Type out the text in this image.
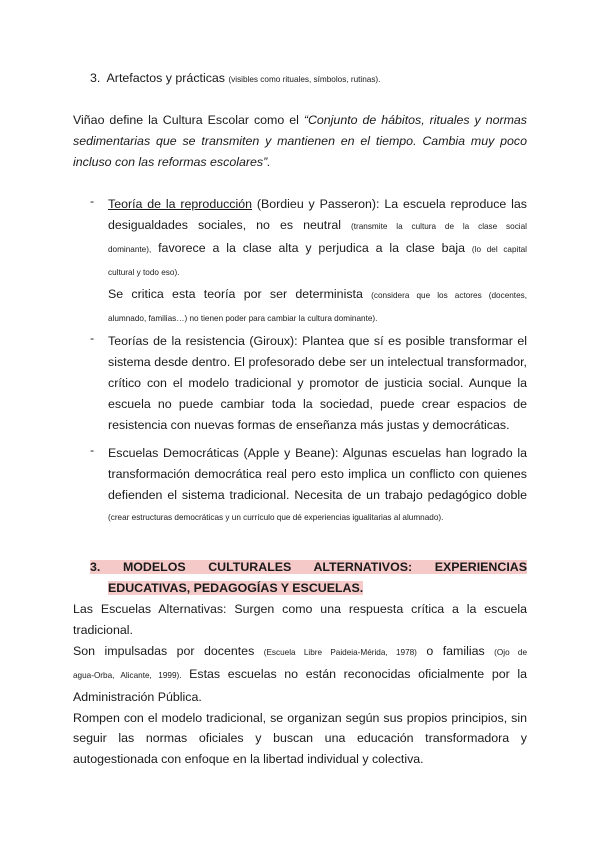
3. Artefactos y prácticas (visibles como rituales, símbolos, rutinas).
Viñao define la Cultura Escolar como el “Conjunto de hábitos, rituales y normas
sedimentarias que se transmiten y mantienen en el tiempo. Cambia muy poco
incluso con las reformas escolares”.
- Teoría de la reproducción (Bordieu y Passeron): La escuela reproduce las
desigualdades sociales, no es neutral (transmite la cultura de la clase social
dominante), favorece a la clase alta y perjudica a la clase baja (lo del capital
cultural y todo eso).
Se critica esta teoría por ser determinista (considera que los actores (docentes,
alumnado, familias…) no tienen poder para cambiar la cultura dominante).
- Teorías de la resistencia (Giroux): Plantea que sí es posible transformar el
sistema desde dentro. El profesorado debe ser un intelectual transformador,
crítico con el modelo tradicional y promotor de justicia social. Aunque la
escuela no puede cambiar toda la sociedad, puede crear espacios de
resistencia con nuevas formas de enseñanza más justas y democráticas.
- Escuelas Democráticas (Apple y Beane): Algunas escuelas han logrado la
transformación democrática real pero esto implica un conflicto con quienes
defienden el sistema tradicional. Necesita de un trabajo pedagógico doble
(crear estructuras democráticas y un currículo que dé experiencias igualitarias al alumnado).
3. MODELOS CULTURALES ALTERNATIVOS: EXPERIENCIAS
EDUCATIVAS, PEDAGOGÍAS Y ESCUELAS.
Las Escuelas Alternativas: Surgen como una respuesta crítica a la escuela
tradicional.
Son impulsadas por docentes (Escuela Libre Paideia-Mérida, 1978) o familias (Ojo de
agua-Orba, Alicante, 1999). Estas escuelas no están reconocidas oficialmente por la
Administración Pública.
Rompen con el modelo tradicional, se organizan según sus propios principios, sin
seguir las normas oficiales y buscan una educación transformadora y
autogestionada con enfoque en la libertad individual y colectiva.
